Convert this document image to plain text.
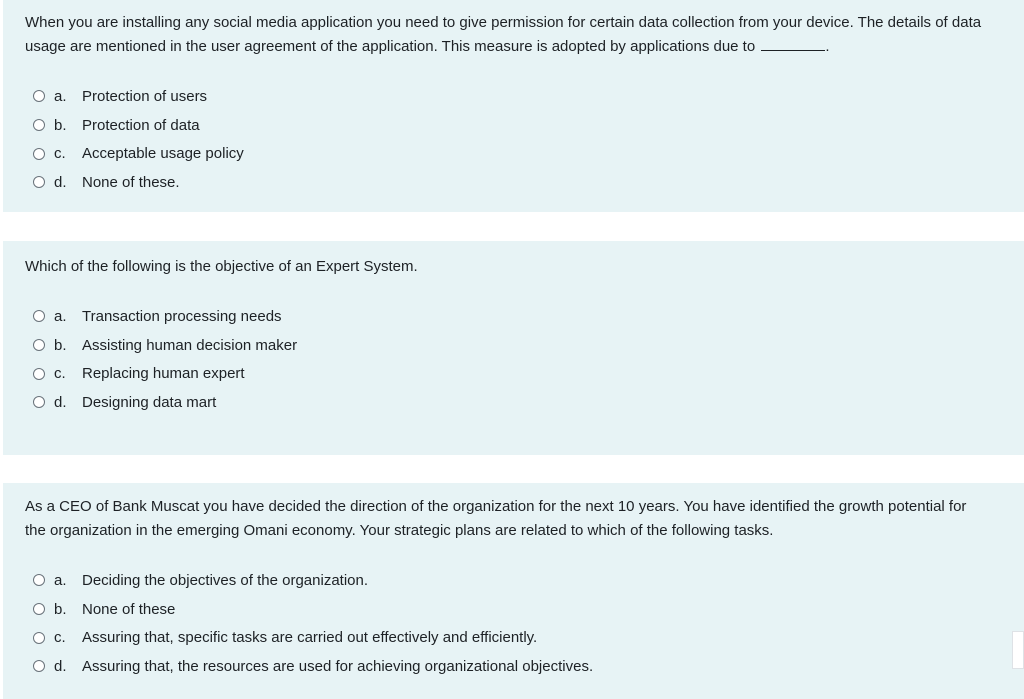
When you are installing any social media application you need to give permission for certain data collection from your device. The details of data usage are mentioned in the user agreement of the application. This measure is adopted by applications due to	.

a.	Protection of users
b.	Protection of data
c.	Acceptable usage policy
d.	None of these.

Which of the following is the objective of an Expert System.

a.	Transaction processing needs
b.	Assisting human decision maker
c.	Replacing human expert
d.	Designing data mart

As a CEO of Bank Muscat you have decided the direction of the organization for the next 10 years. You have identified the growth potential for the organization in the emerging Omani economy. Your strategic plans are related to which of the following tasks.

a.	Deciding the objectives of the organization.
b.	None of these
c.	Assuring that, specific tasks are carried out effectively and efficiently.
d.	Assuring that, the resources are used for achieving organizational objectives.
